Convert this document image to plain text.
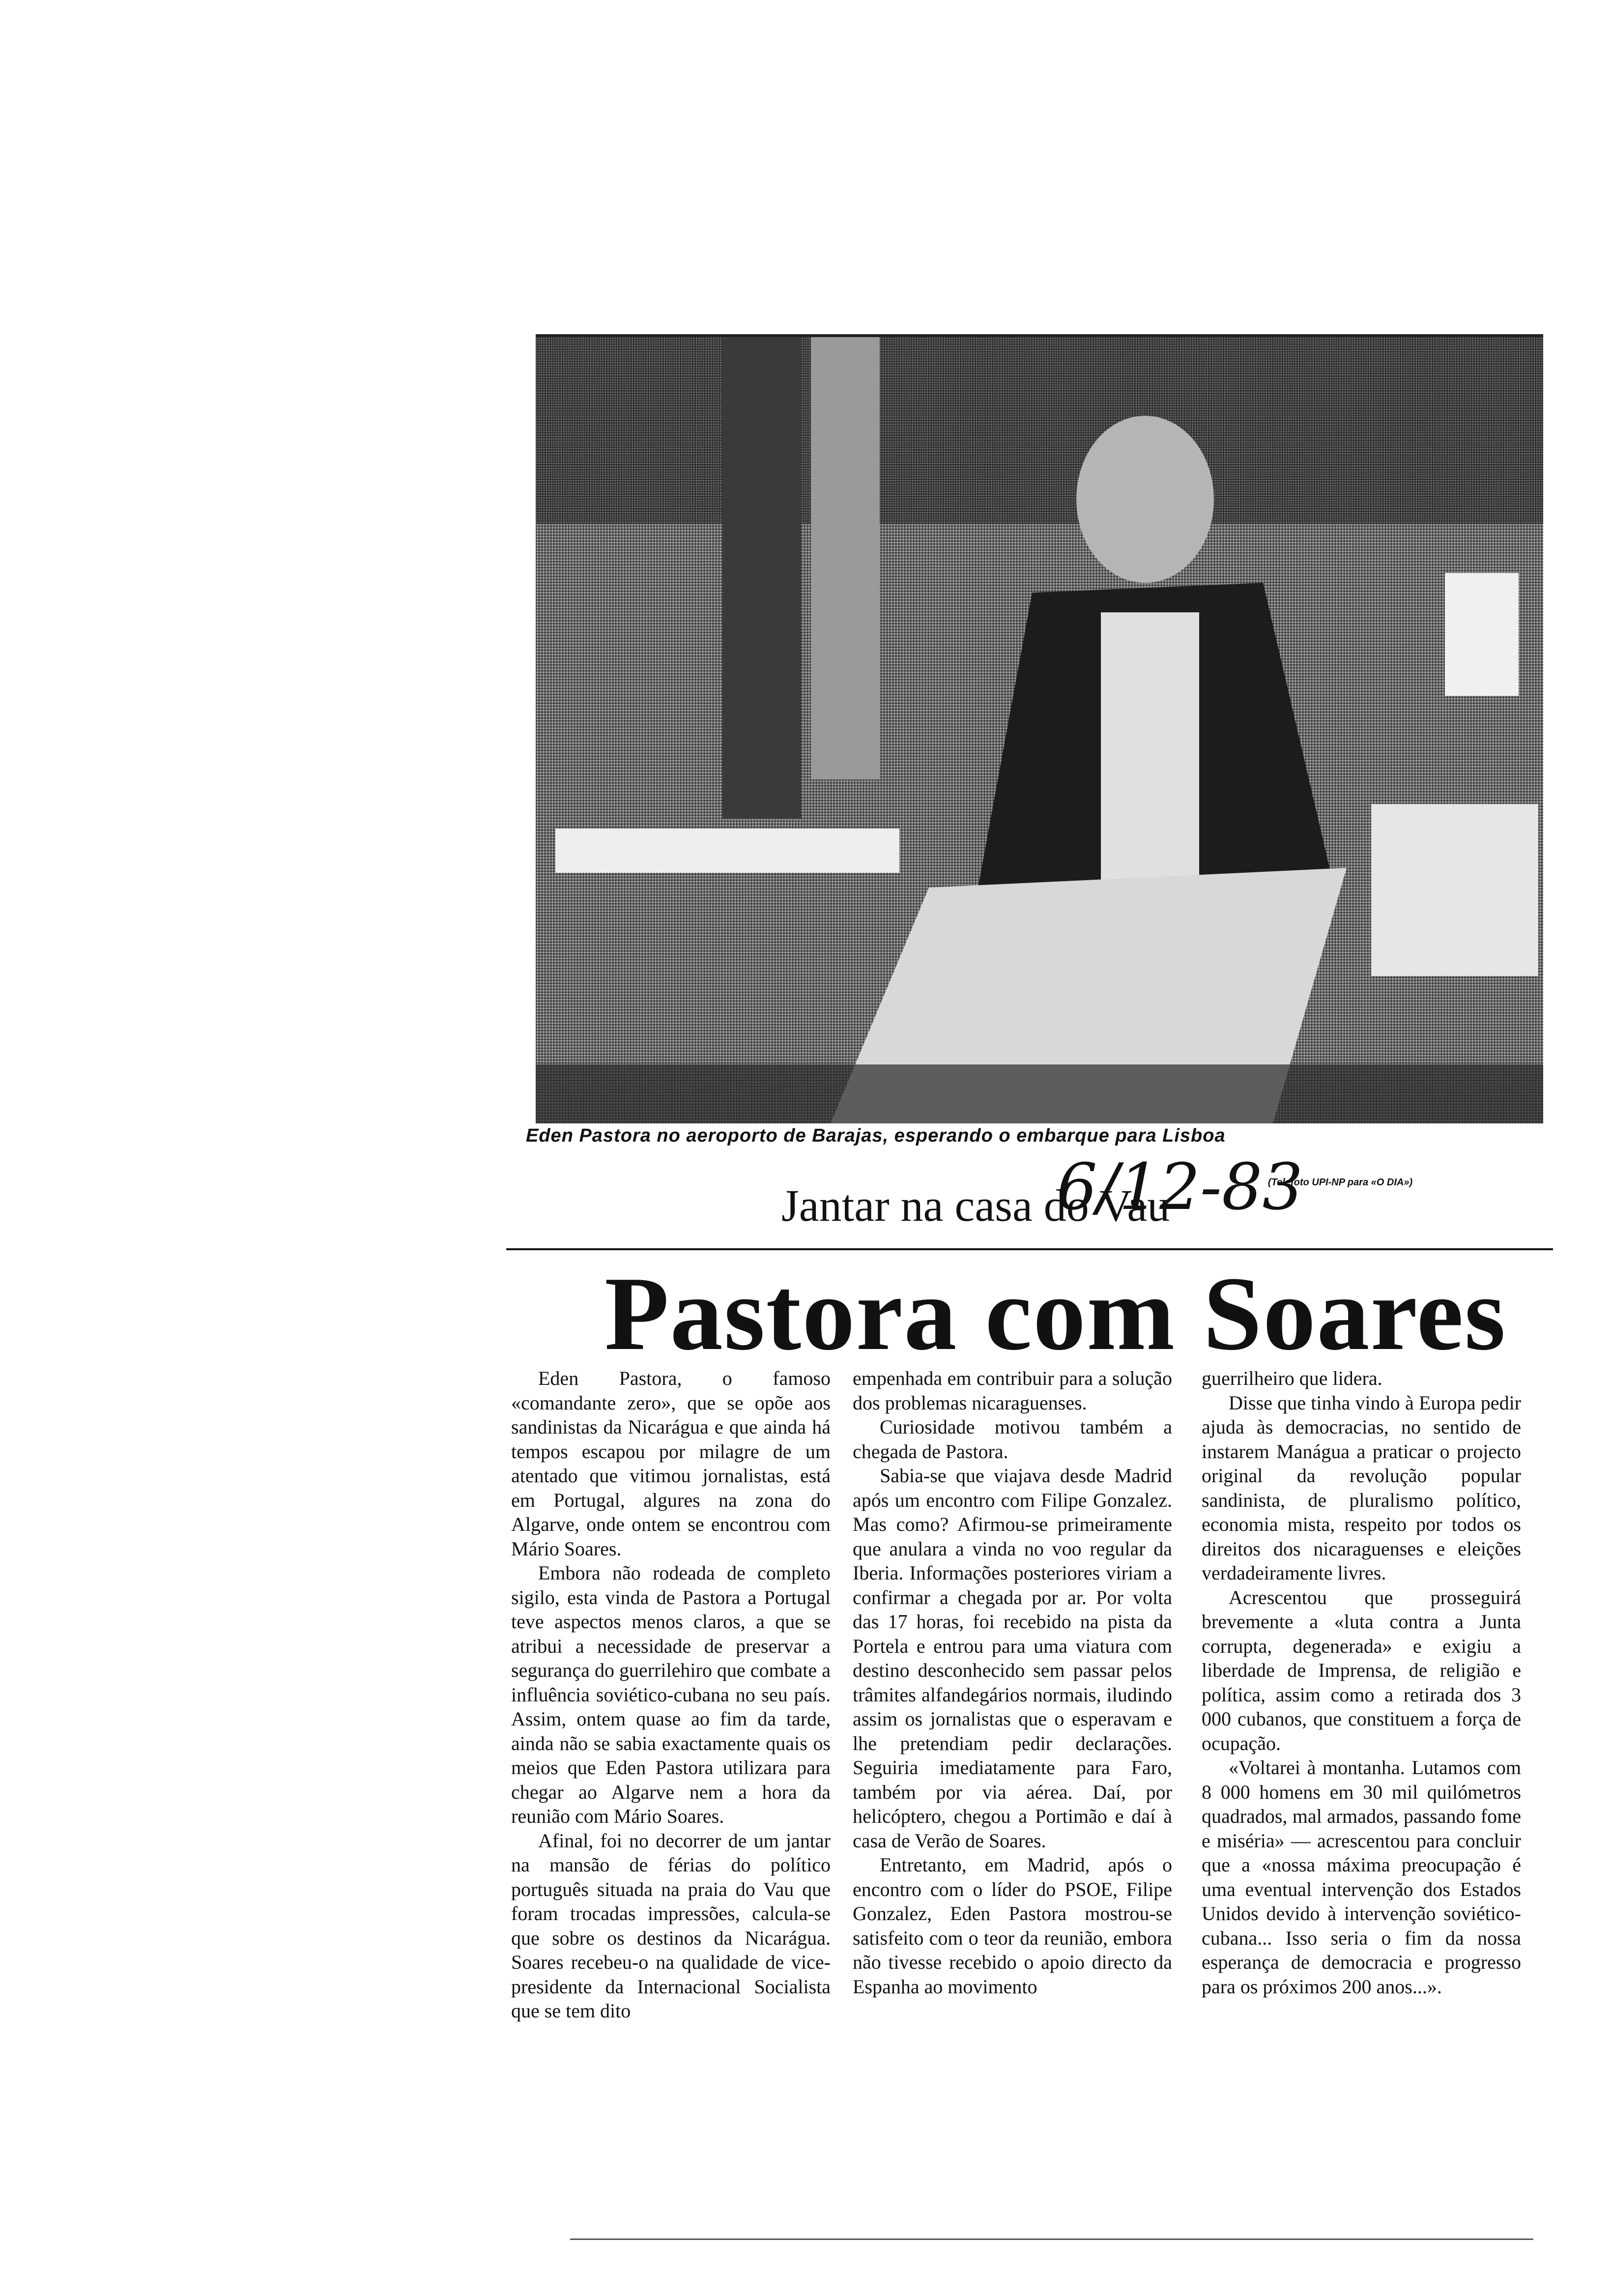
Eden Pastora no aeroporto de Barajas, esperando o embarque para Lisboa
6/12-83
(Telefoto UPI-NP para «O DIA»)
Jantar na casa do Vau
Pastora com Soares

Eden Pastora, o famoso «comandante zero», que se opõe aos sandinistas da Nicarágua e que ainda há tempos escapou por milagre de um atentado que vitimou jornalistas, está em Portugal, algures na zona do Algarve, onde ontem se encontrou com Mário Soares.

Embora não rodeada de completo sigilo, esta vinda de Pastora a Portugal teve aspectos menos claros, a que se atribui a necessidade de preservar a segurança do guerrilehiro que combate a influência soviético-cubana no seu país. Assim, ontem quase ao fim da tarde, ainda não se sabia exactamente quais os meios que Eden Pastora utilizara para chegar ao Algarve nem a hora da reunião com Mário Soares.

Afinal, foi no decorrer de um jantar na mansão de férias do político português situada na praia do Vau que foram trocadas impressões, calcula-se que sobre os destinos da Nicarágua. Soares recebeu-o na qualidade de vice-presidente da Internacional Socialista que se tem dito

empenhada em contribuir para a solução dos problemas nicaraguenses.

Curiosidade motivou também a chegada de Pastora.

Sabia-se que viajava desde Madrid após um encontro com Filipe Gonzalez. Mas como? Afirmou-se primeiramente que anulara a vinda no voo regular da Iberia. Informações posteriores viriam a confirmar a chegada por ar. Por volta das 17 horas, foi recebido na pista da Portela e entrou para uma viatura com destino desconhecido sem passar pelos trâmites alfandegários normais, iludindo assim os jornalistas que o esperavam e lhe pretendiam pedir declarações. Seguiria imediatamente para Faro, também por via aérea. Daí, por helicóptero, chegou a Portimão e daí à casa de Verão de Soares.

Entretanto, em Madrid, após o encontro com o líder do PSOE, Filipe Gonzalez, Eden Pastora mostrou-se satisfeito com o teor da reunião, embora não tivesse recebido o apoio directo da Espanha ao movimento

guerrilheiro que lidera.

Disse que tinha vindo à Europa pedir ajuda às democracias, no sentido de instarem Manágua a praticar o projecto original da revolução popular sandinista, de pluralismo político, economia mista, respeito por todos os direitos dos nicaraguenses e eleições verdadeiramente livres.

Acrescentou que prosseguirá brevemente a «luta contra a Junta corrupta, degenerada» e exigiu a liberdade de Imprensa, de religião e política, assim como a retirada dos 3 000 cubanos, que constituem a força de ocupação.

«Voltarei à montanha. Lutamos com 8 000 homens em 30 mil quilómetros quadrados, mal armados, passando fome e miséria» — acrescentou para concluir que a «nossa máxima preocupação é uma eventual intervenção dos Estados Unidos devido à intervenção soviético-cubana... Isso seria o fim da nossa esperança de democracia e progresso para os próximos 200 anos...».
